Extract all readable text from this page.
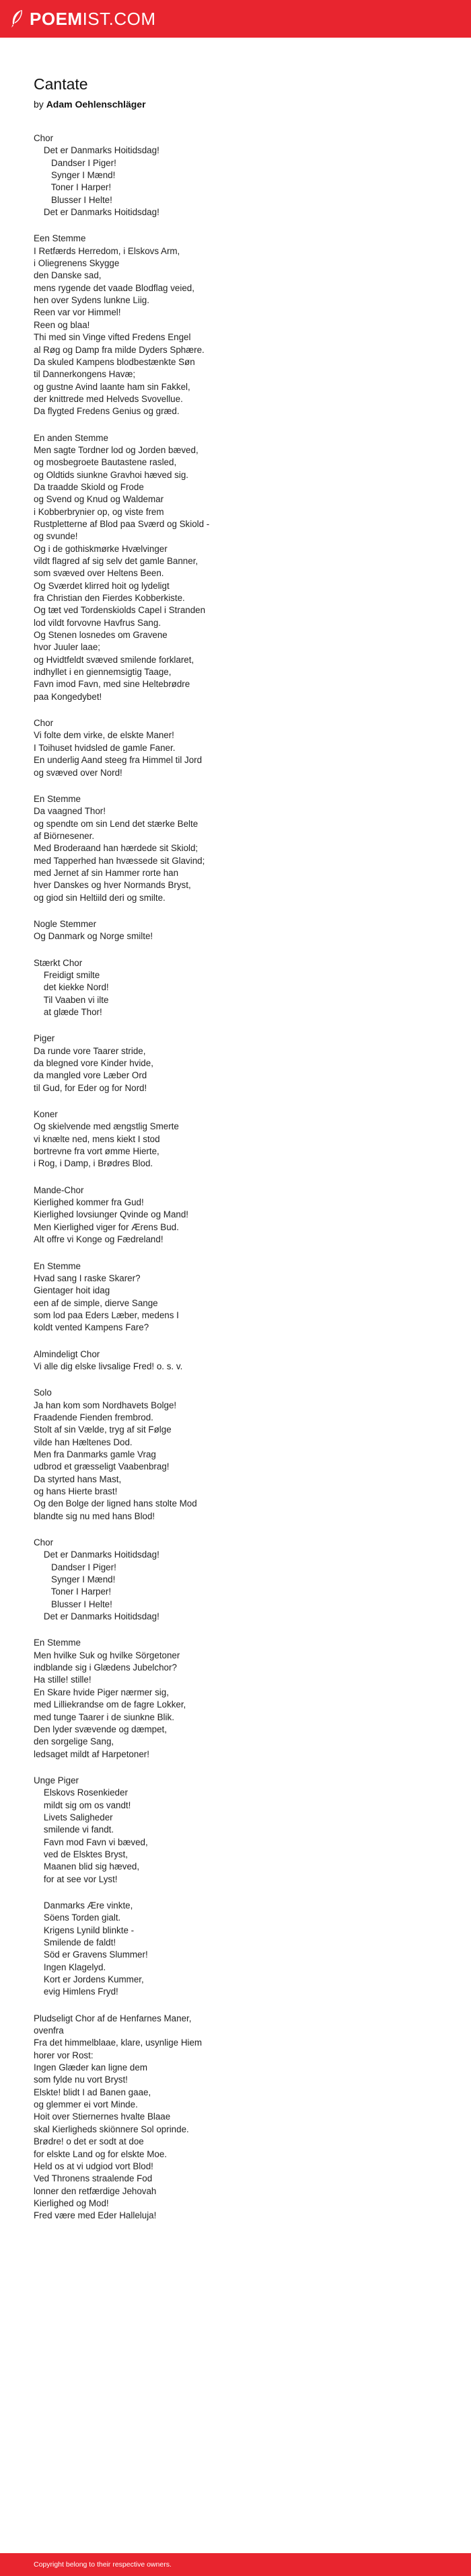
POEMIST.COM
Cantate
by Adam Oehlenschläger
Chor
Det er Danmarks Hoitidsdag!
Dandser I Piger!
Synger I Mænd!
Toner I Harper!
Blusser I Helte!
Det er Danmarks Hoitidsdag!
Een Stemme
I Retfærds Herredom, i Elskovs Arm,
i Oliegrenens Skygge
den Danske sad,
mens rygende det vaade Blodflag veied,
hen over Sydens lunkne Liig.
Reen var vor Himmel!
Reen og blaa!
Thi med sin Vinge vifted Fredens Engel
al Røg og Damp fra milde Dyders Sphære.
Da skuled Kampens blodbestænkte Søn
til Dannerkongens Havæ;
og gustne Avind laante ham sin Fakkel,
der knittrede med Helveds Svovellue.
Da flygted Fredens Genius og græd.
En anden Stemme
Men sagte Tordner lod og Jorden bæved,
og mosbegroete Bautastene rasled,
og Oldtids siunkne Gravhoi hæved sig.
Da traadde Skiold og Frode
og Svend og Knud og Waldemar
i Kobberbrynier op, og viste frem
Rustpletterne af Blod paa Sværd og Skiold -
og svunde!
Og i de gothiskmørke Hvælvinger
vildt flagred af sig selv det gamle Banner,
som svæved over Heltens Been.
Og Sværdet klirred hoit og lydeligt
fra Christian den Fierdes Kobberkiste.
Og tæt ved Tordenskiolds Capel i Stranden
lod vildt forvovne Havfrus Sang.
Og Stenen losnedes om Gravene
hvor Juuler laae;
og Hvidtfeldt svæved smilende forklaret,
indhyllet i en giennemsigtig Taage,
Favn imod Favn, med sine Heltebrødre
paa Kongedybet!
Chor
Vi folte dem virke, de elskte Maner!
I Toihuset hvidsled de gamle Faner.
En underlig Aand steeg fra Himmel til Jord
og svæved over Nord!
En Stemme
Da vaagned Thor!
og spendte om sin Lend det stærke Belte
af Biörnesener.
Med Broderaand han hærdede sit Skiold;
med Tapperhed han hvæssede sit Glavind;
med Jernet af sin Hammer rorte han
hver Danskes og hver Normands Bryst,
og giod sin Heltiild deri og smilte.
Nogle Stemmer
Og Danmark og Norge smilte!
Stærkt Chor
Freidigt smilte
det kiekke Nord!
Til Vaaben vi ilte
at glæde Thor!
Piger
Da runde vore Taarer stride,
da blegned vore Kinder hvide,
da mangled vore Læber Ord
til Gud, for Eder og for Nord!
Koner
Og skielvende med ængstlig Smerte
vi knælte ned, mens kiekt I stod
bortrevne fra vort ømme Hierte,
i Rog, i Damp, i Brødres Blod.
Mande-Chor
Kierlighed kommer fra Gud!
Kierlighed lovsiunger Qvinde og Mand!
Men Kierlighed viger for Ærens Bud.
Alt offre vi Konge og Fædreland!
En Stemme
Hvad sang I raske Skarer?
Gientager hoit idag
een af de simple, dierve Sange
som lod paa Eders Læber, medens I
koldt vented Kampens Fare?
Almindeligt Chor
Vi alle dig elske livsalige Fred! o. s. v.
Solo
Ja han kom som Nordhavets Bolge!
Fraadende Fienden frembrod.
Stolt af sin Vælde, tryg af sit Følge
vilde han Hæltenes Dod.
Men fra Danmarks gamle Vrag
udbrod et græsseligt Vaabenbrag!
Da styrted hans Mast,
og hans Hierte brast!
Og den Bolge der ligned hans stolte Mod
blandte sig nu med hans Blod!
Chor
Det er Danmarks Hoitidsdag!
Dandser I Piger!
Synger I Mænd!
Toner I Harper!
Blusser I Helte!
Det er Danmarks Hoitidsdag!
En Stemme
Men hvilke Suk og hvilke Sörgetoner
indblande sig i Glædens Jubelchor?
Ha stille! stille!
En Skare hvide Piger nærmer sig,
med Lilliekrandse om de fagre Lokker,
med tunge Taarer i de siunkne Blik.
Den lyder svævende og dæmpet,
den sorgelige Sang,
ledsaget mildt af Harpetoner!
Unge Piger
Elskovs Rosenkieder
mildt sig om os vandt!
Livets Saligheder
smilende vi fandt.
Favn mod Favn vi bæved,
ved de Elsktes Bryst,
Maanen blid sig hæved,
for at see vor Lyst!
Danmarks Ære vinkte,
Söens Torden gialt.
Krigens Lynild blinkte -
Smilende de faldt!
Söd er Gravens Slummer!
Ingen Klagelyd.
Kort er Jordens Kummer,
evig Himlens Fryd!
Pludseligt Chor af de Henfarnes Maner,
ovenfra
Fra det himmelblaae, klare, usynlige Hiem
horer vor Rost:
Ingen Glæder kan ligne dem
som fylde nu vort Bryst!
Elskte! blidt I ad Banen gaae,
og glemmer ei vort Minde.
Hoit over Stiernernes hvalte Blaae
skal Kierligheds skiönnere Sol oprinde.
Brødre! o det er sodt at doe
for elskte Land og for elskte Moe.
Held os at vi udgiod vort Blod!
Ved Thronens straalende Fod
lonner den retfærdige Jehovah
Kierlighed og Mod!
Fred være med Eder Halleluja!
Copyright belong to their respective owners.
